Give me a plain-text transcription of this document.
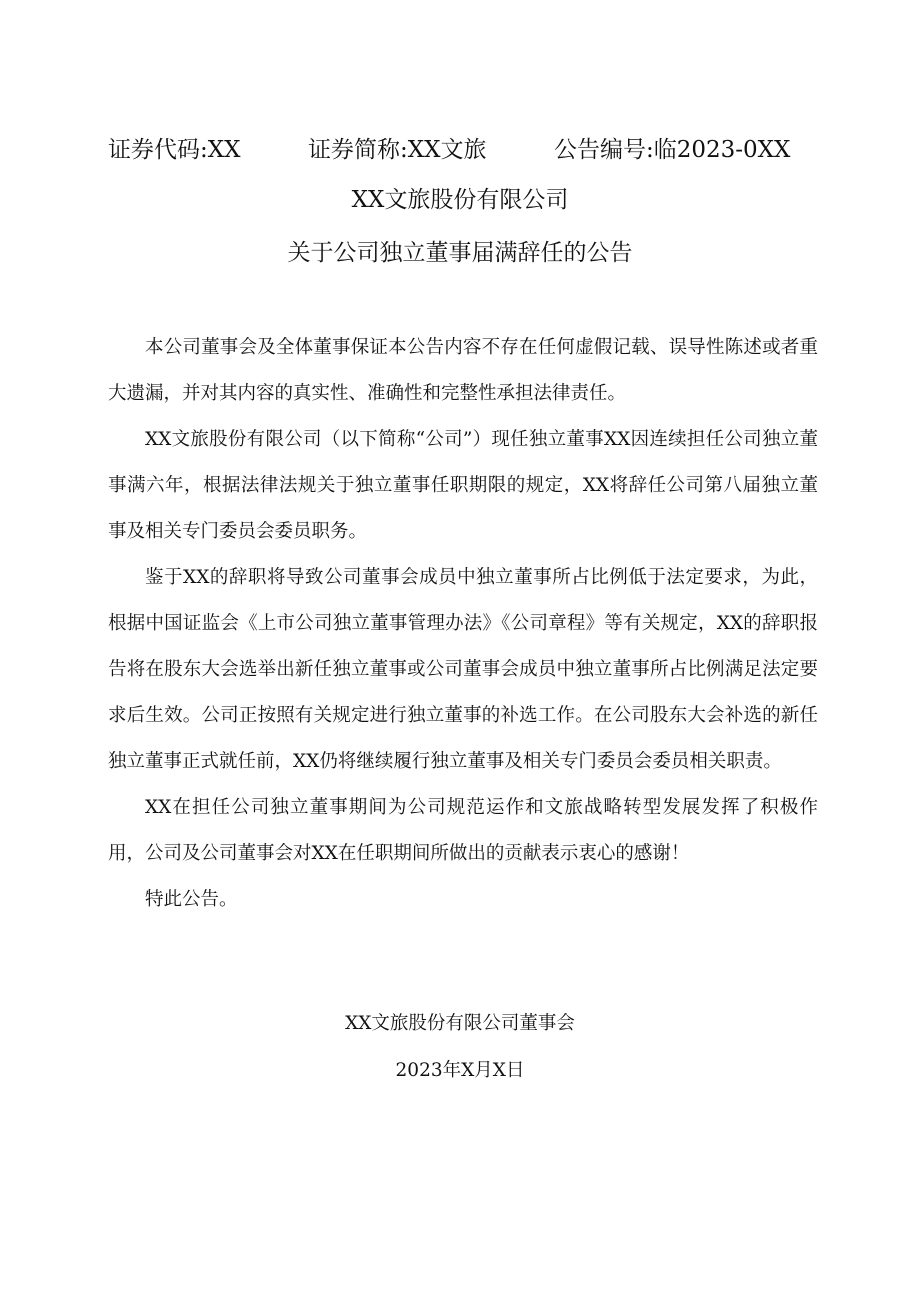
证券代码:XX	证券简称:XX文旅	公告编号:临2023-0XX
XX文旅股份有限公司
关于公司独立董事届满辞任的公告

本公司董事会及全体董事保证本公告内容不存在任何虚假记载、误导性陈述或者重大遗漏，并对其内容的真实性、准确性和完整性承担法律责任。

XX文旅股份有限公司（以下简称“公司”）现任独立董事XX因连续担任公司独立董事满六年，根据法律法规关于独立董事任职期限的规定，XX将辞任公司第八届独立董事及相关专门委员会委员职务。

鉴于XX的辞职将导致公司董事会成员中独立董事所占比例低于法定要求，为此，根据中国证监会《上市公司独立董事管理办法》《公司章程》等有关规定，XX的辞职报告将在股东大会选举出新任独立董事或公司董事会成员中独立董事所占比例满足法定要求后生效。公司正按照有关规定进行独立董事的补选工作。在公司股东大会补选的新任独立董事正式就任前，XX仍将继续履行独立董事及相关专门委员会委员相关职责。

XX在担任公司独立董事期间为公司规范运作和文旅战略转型发展发挥了积极作用，公司及公司董事会对XX在任职期间所做出的贡献表示衷心的感谢！

特此公告。

XX文旅股份有限公司董事会
2023年X月X日
